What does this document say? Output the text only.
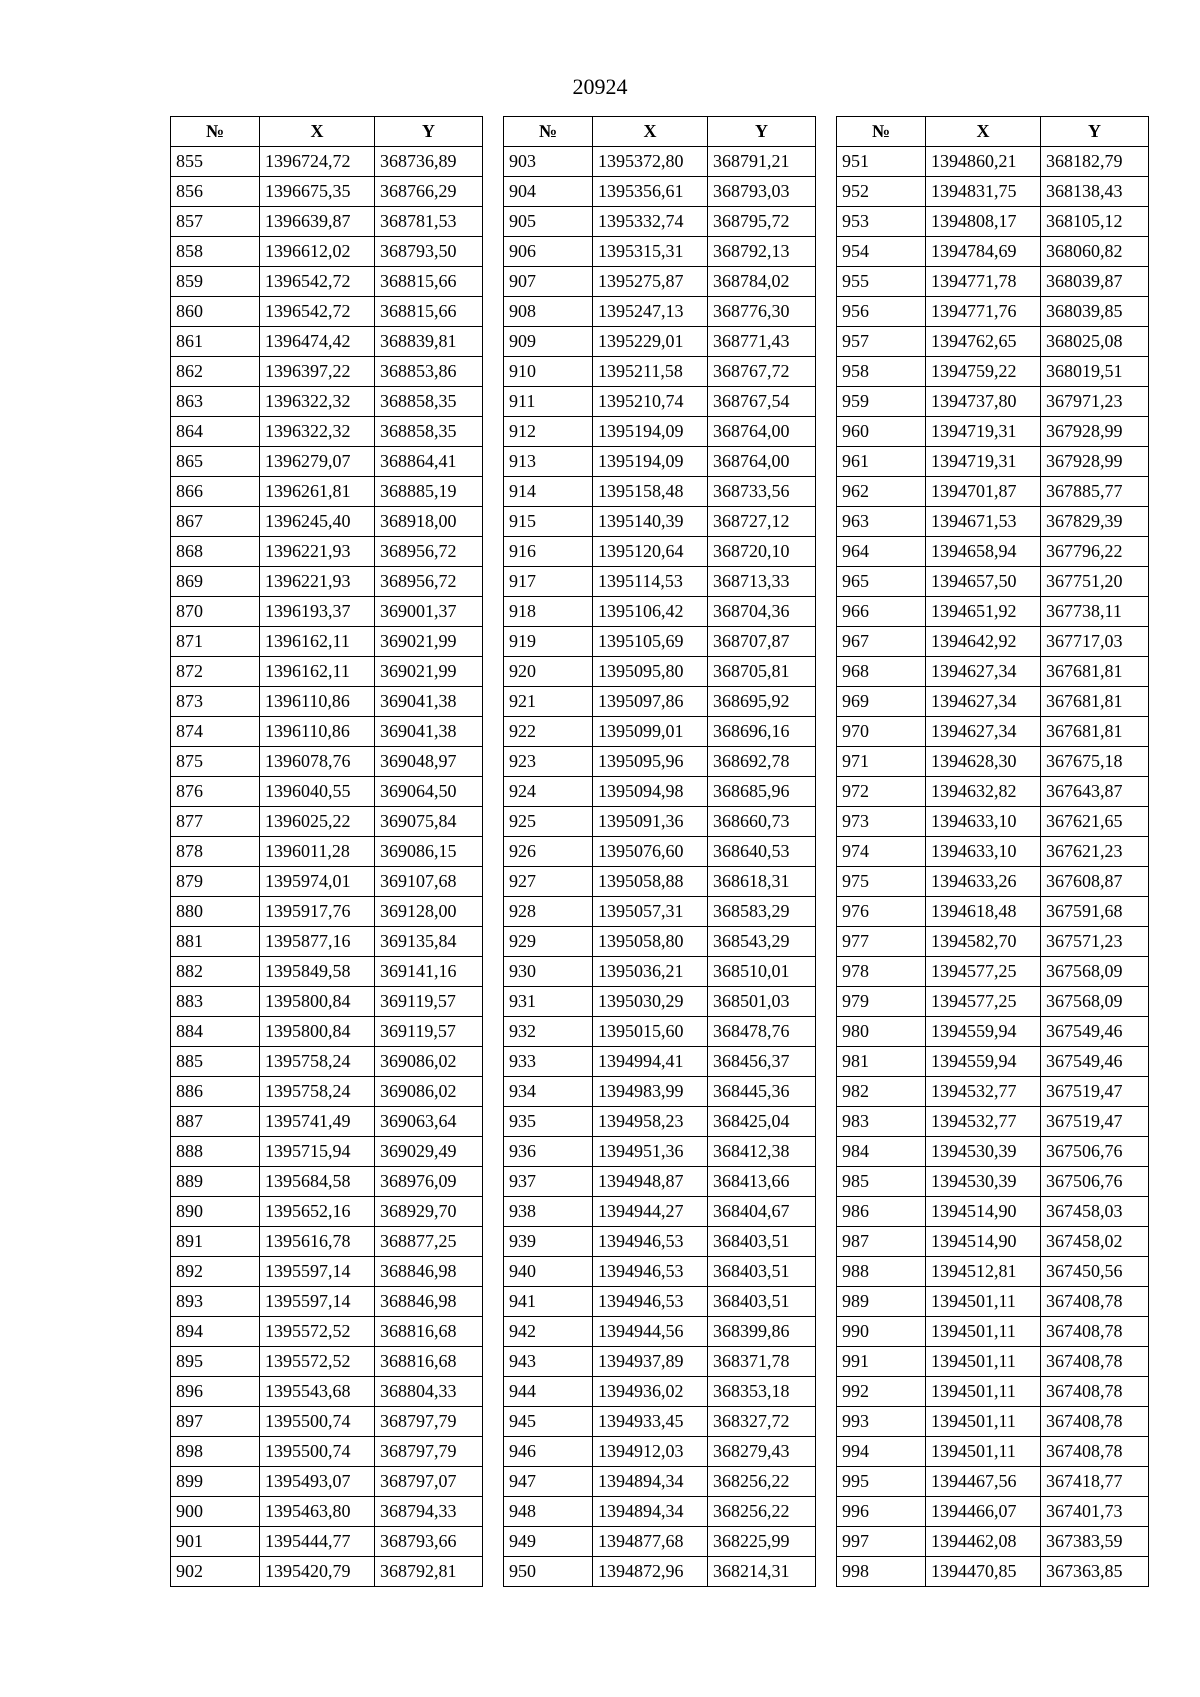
20924
№	X	Y
855	1396724,72	368736,89
856	1396675,35	368766,29
857	1396639,87	368781,53
858	1396612,02	368793,50
859	1396542,72	368815,66
860	1396542,72	368815,66
861	1396474,42	368839,81
862	1396397,22	368853,86
863	1396322,32	368858,35
864	1396322,32	368858,35
865	1396279,07	368864,41
866	1396261,81	368885,19
867	1396245,40	368918,00
868	1396221,93	368956,72
869	1396221,93	368956,72
870	1396193,37	369001,37
871	1396162,11	369021,99
872	1396162,11	369021,99
873	1396110,86	369041,38
874	1396110,86	369041,38
875	1396078,76	369048,97
876	1396040,55	369064,50
877	1396025,22	369075,84
878	1396011,28	369086,15
879	1395974,01	369107,68
880	1395917,76	369128,00
881	1395877,16	369135,84
882	1395849,58	369141,16
883	1395800,84	369119,57
884	1395800,84	369119,57
885	1395758,24	369086,02
886	1395758,24	369086,02
887	1395741,49	369063,64
888	1395715,94	369029,49
889	1395684,58	368976,09
890	1395652,16	368929,70
891	1395616,78	368877,25
892	1395597,14	368846,98
893	1395597,14	368846,98
894	1395572,52	368816,68
895	1395572,52	368816,68
896	1395543,68	368804,33
897	1395500,74	368797,79
898	1395500,74	368797,79
899	1395493,07	368797,07
900	1395463,80	368794,33
901	1395444,77	368793,66
902	1395420,79	368792,81
№	X	Y
903	1395372,80	368791,21
904	1395356,61	368793,03
905	1395332,74	368795,72
906	1395315,31	368792,13
907	1395275,87	368784,02
908	1395247,13	368776,30
909	1395229,01	368771,43
910	1395211,58	368767,72
911	1395210,74	368767,54
912	1395194,09	368764,00
913	1395194,09	368764,00
914	1395158,48	368733,56
915	1395140,39	368727,12
916	1395120,64	368720,10
917	1395114,53	368713,33
918	1395106,42	368704,36
919	1395105,69	368707,87
920	1395095,80	368705,81
921	1395097,86	368695,92
922	1395099,01	368696,16
923	1395095,96	368692,78
924	1395094,98	368685,96
925	1395091,36	368660,73
926	1395076,60	368640,53
927	1395058,88	368618,31
928	1395057,31	368583,29
929	1395058,80	368543,29
930	1395036,21	368510,01
931	1395030,29	368501,03
932	1395015,60	368478,76
933	1394994,41	368456,37
934	1394983,99	368445,36
935	1394958,23	368425,04
936	1394951,36	368412,38
937	1394948,87	368413,66
938	1394944,27	368404,67
939	1394946,53	368403,51
940	1394946,53	368403,51
941	1394946,53	368403,51
942	1394944,56	368399,86
943	1394937,89	368371,78
944	1394936,02	368353,18
945	1394933,45	368327,72
946	1394912,03	368279,43
947	1394894,34	368256,22
948	1394894,34	368256,22
949	1394877,68	368225,99
950	1394872,96	368214,31
№	X	Y
951	1394860,21	368182,79
952	1394831,75	368138,43
953	1394808,17	368105,12
954	1394784,69	368060,82
955	1394771,78	368039,87
956	1394771,76	368039,85
957	1394762,65	368025,08
958	1394759,22	368019,51
959	1394737,80	367971,23
960	1394719,31	367928,99
961	1394719,31	367928,99
962	1394701,87	367885,77
963	1394671,53	367829,39
964	1394658,94	367796,22
965	1394657,50	367751,20
966	1394651,92	367738,11
967	1394642,92	367717,03
968	1394627,34	367681,81
969	1394627,34	367681,81
970	1394627,34	367681,81
971	1394628,30	367675,18
972	1394632,82	367643,87
973	1394633,10	367621,65
974	1394633,10	367621,23
975	1394633,26	367608,87
976	1394618,48	367591,68
977	1394582,70	367571,23
978	1394577,25	367568,09
979	1394577,25	367568,09
980	1394559,94	367549,46
981	1394559,94	367549,46
982	1394532,77	367519,47
983	1394532,77	367519,47
984	1394530,39	367506,76
985	1394530,39	367506,76
986	1394514,90	367458,03
987	1394514,90	367458,02
988	1394512,81	367450,56
989	1394501,11	367408,78
990	1394501,11	367408,78
991	1394501,11	367408,78
992	1394501,11	367408,78
993	1394501,11	367408,78
994	1394501,11	367408,78
995	1394467,56	367418,77
996	1394466,07	367401,73
997	1394462,08	367383,59
998	1394470,85	367363,85
